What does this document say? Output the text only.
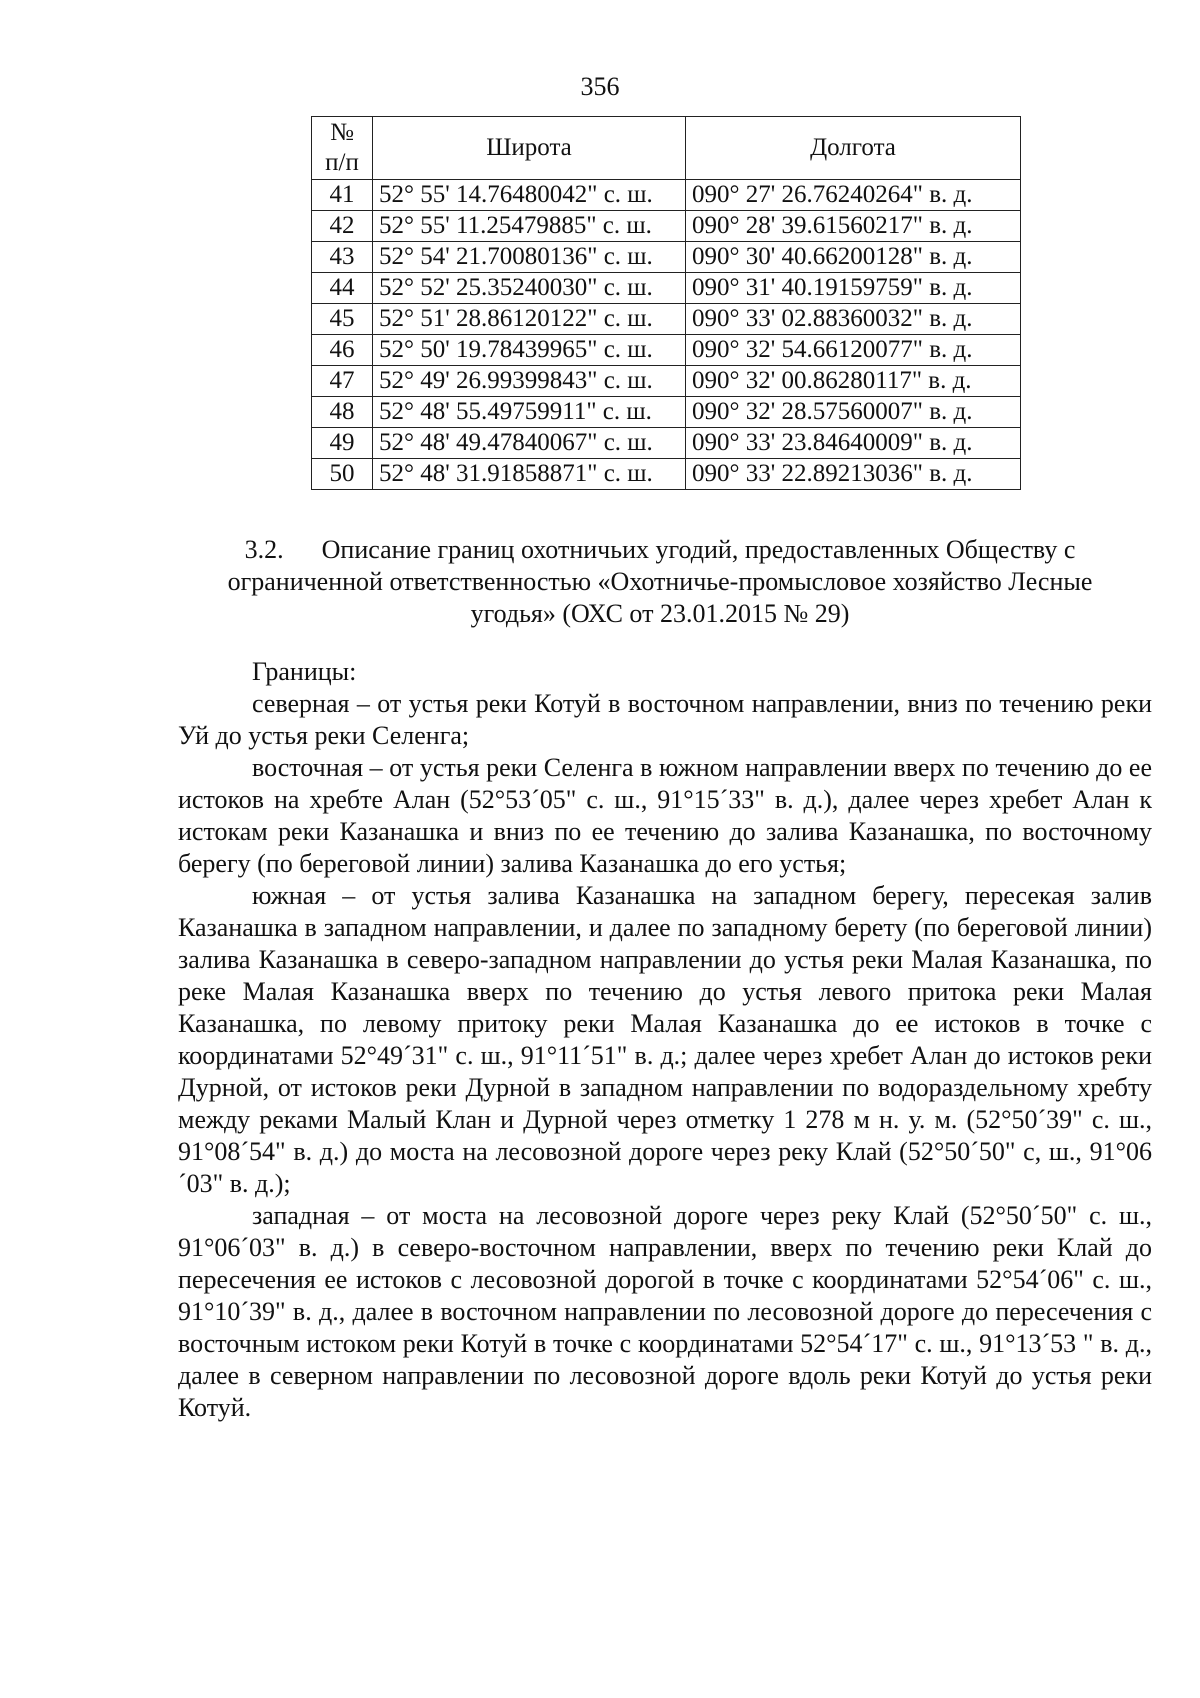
356
№ п/п	Широта	Долгота
41	52° 55' 14.76480042" с. ш.	090° 27' 26.76240264" в. д.
42	52° 55' 11.25479885" с. ш.	090° 28' 39.61560217" в. д.
43	52° 54' 21.70080136" с. ш.	090° 30' 40.66200128" в. д.
44	52° 52' 25.35240030" с. ш.	090° 31' 40.19159759" в. д.
45	52° 51' 28.86120122" с. ш.	090° 33' 02.88360032" в. д.
46	52° 50' 19.78439965" с. ш.	090° 32' 54.66120077" в. д.
47	52° 49' 26.99399843" с. ш.	090° 32' 00.86280117" в. д.
48	52° 48' 55.49759911" с. ш.	090° 32' 28.57560007" в. д.
49	52° 48' 49.47840067" с. ш.	090° 33' 23.84640009" в. д.
50	52° 48' 31.91858871" с. ш.	090° 33' 22.89213036" в. д.
3.2. Описание границ охотничьих угодий, предоставленных Обществу с ограниченной ответственностью «Охотничье-промысловое хозяйство Лесные угодья» (ОХС от 23.01.2015 № 29)

Границы:

северная – от устья реки Котуй в восточном направлении, вниз по течению реки Уй до устья реки Селенга;

восточная – от устья реки Селенга в южном направлении вверх по течению до ее истоков на хребте Алан (52°53´05" с. ш., 91°15´33" в. д.), далее через хребет Алан к истокам реки Казанашка и вниз по ее течению до залива Казанашка, по восточному берегу (по береговой линии) залива Казанашка до его устья;

южная – от устья залива Казанашка на западном берегу, пересекая залив Казанашка в западном направлении, и далее по западному берету (по береговой линии) залива Казанашка в северо-западном направлении до устья реки Малая Казанашка, по реке Малая Казанашка вверх по течению до устья левого притока реки Малая Казанашка, по левому притоку реки Малая Казанашка до ее истоков в точке с координатами 52°49´31" с. ш., 91°11´51" в. д.; далее через хребет Алан до истоков реки Дурной, от истоков реки Дурной в западном направлении по водораздельному хребту между реками Малый Клан и Дурной через отметку 1 278 м н. у. м. (52°50´39" с. ш., 91°08´54" в. д.) до моста на лесовозной дороге через реку Клай (52°50´50" с, ш., 91°06´03" в. д.);

западная – от моста на лесовозной дороге через реку Клай (52°50´50" с. ш., 91°06´03" в. д.) в северо-восточном направлении, вверх по течению реки Клай до пересечения ее истоков с лесовозной дорогой в точке с координатами 52°54´06" с. ш., 91°10´39" в. д., далее в восточном направлении по лесовозной дороге до пересечения с восточным истоком реки Котуй в точке с координатами 52°54´17" с. ш., 91°13´53 " в. д., далее в северном направлении по лесовозной дороге вдоль реки Котуй до устья реки Котуй.
